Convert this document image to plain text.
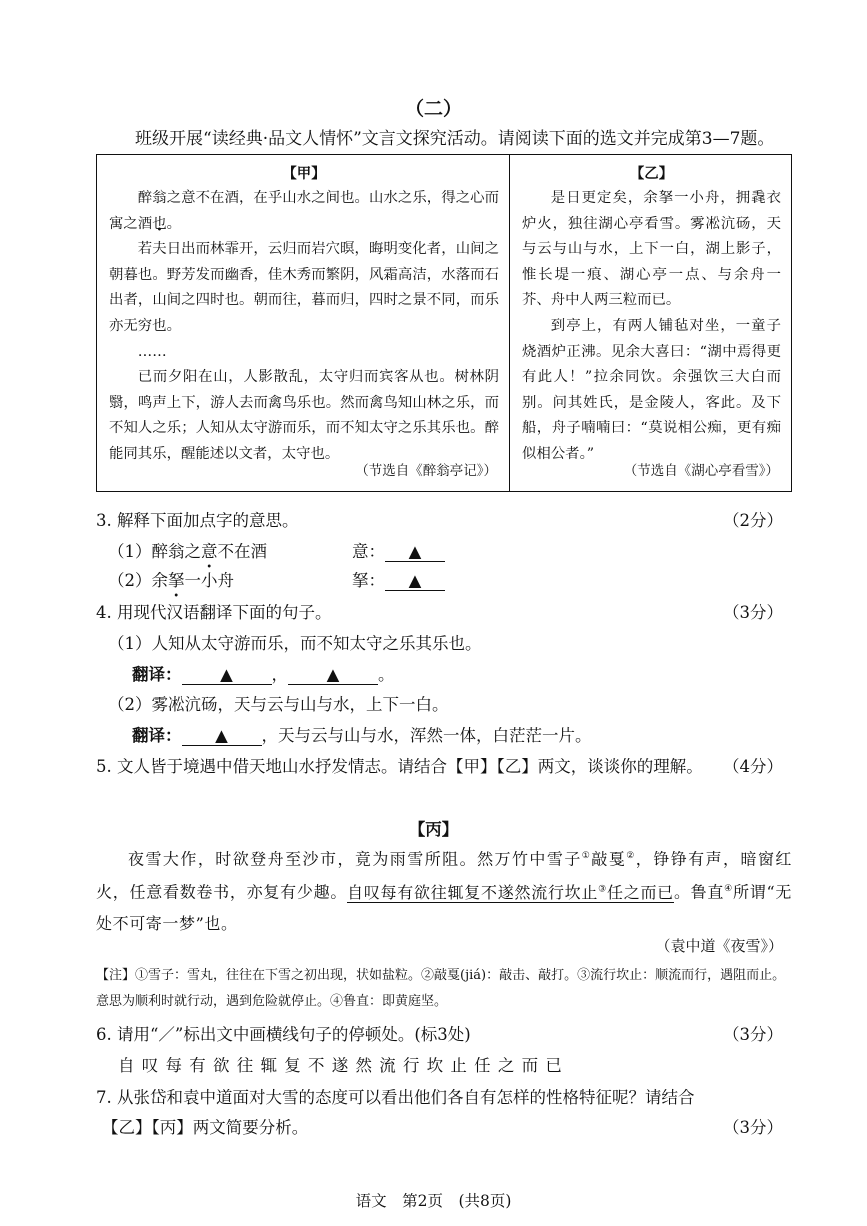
（二）
班级开展“读经典·品文人情怀”文言文探究活动。请阅读下面的选文并完成第3—7题。
【甲】

醉翁之意不在酒，在乎山水之间也。山水之乐，得之心而寓之酒也。

若夫日出而林霏开，云归而岩穴暝，晦明变化者，山间之朝暮也。野芳发而幽香，佳木秀而繁阴，风霜高洁，水落而石出者，山间之四时也。朝而往，暮而归，四时之景不同，而乐亦无穷也。

……

已而夕阳在山，人影散乱，太守归而宾客从也。树林阴翳，鸣声上下，游人去而禽鸟乐也。然而禽鸟知山林之乐，而不知人之乐；人知从太守游而乐，而不知太守之乐其乐也。醉能同其乐，醒能述以文者，太守也。

（节选自《醉翁亭记》）
【乙】

是日更定矣，余拏一小舟，拥毳衣炉火，独往湖心亭看雪。雾凇沆砀，天与云与山与水，上下一白，湖上影子，惟长堤一痕、湖心亭一点、与余舟一芥、舟中人两三粒而已。

到亭上，有两人铺毡对坐，一童子烧酒炉正沸。见余大喜曰：“湖中焉得更有此人！”拉余同饮。余强饮三大白而别。问其姓氏，是金陵人，客此。及下船，舟子喃喃曰：“莫说相公痴，更有痴似相公者。”

（节选自《湖心亭看雪》）
3. 解释下面加点字的意思。	（2分）
（1）醉翁之意不在酒	意： ▲
（2）余拏一小舟	拏： ▲
4. 用现代汉语翻译下面的句子。	（3分）
（1）人知从太守游而乐，而不知太守之乐其乐也。
翻译： ▲ ， ▲ 。
（2）雾凇沆砀，天与云与山与水，上下一白。
翻译： ▲ ，天与云与山与水，浑然一体，白茫茫一片。
5. 文人皆于境遇中借天地山水抒发情志。请结合【甲】【乙】两文，谈谈你的理解。 （4分）
【丙】
夜雪大作，时欲登舟至沙市，竟为雨雪所阻。然万竹中雪子①敲戛②，铮铮有声，暗窗红火，任意看数卷书，亦复有少趣。自叹每有欲往辄复不遂然流行坎止③任之而已。鲁直④所谓“无处不可寄一梦”也。
（袁中道《夜雪》）
【注】①雪子：雪丸，往往在下雪之初出现，状如盐粒。②敲戛(jiá)：敲击、敲打。③流行坎止：顺流而行，遇阻而止。意思为顺利时就行动，遇到危险就停止。④鲁直：即黄庭坚。
6. 请用“／”标出文中画横线句子的停顿处。(标3处)	（3分）
自 叹 每 有 欲 往 辄 复 不 遂 然 流 行 坎 止 任 之 而 已
7. 从张岱和袁中道面对大雪的态度可以看出他们各自有怎样的性格特征呢？请结合
【乙】【丙】两文简要分析。	（3分）
语文　第2页　(共8页)
